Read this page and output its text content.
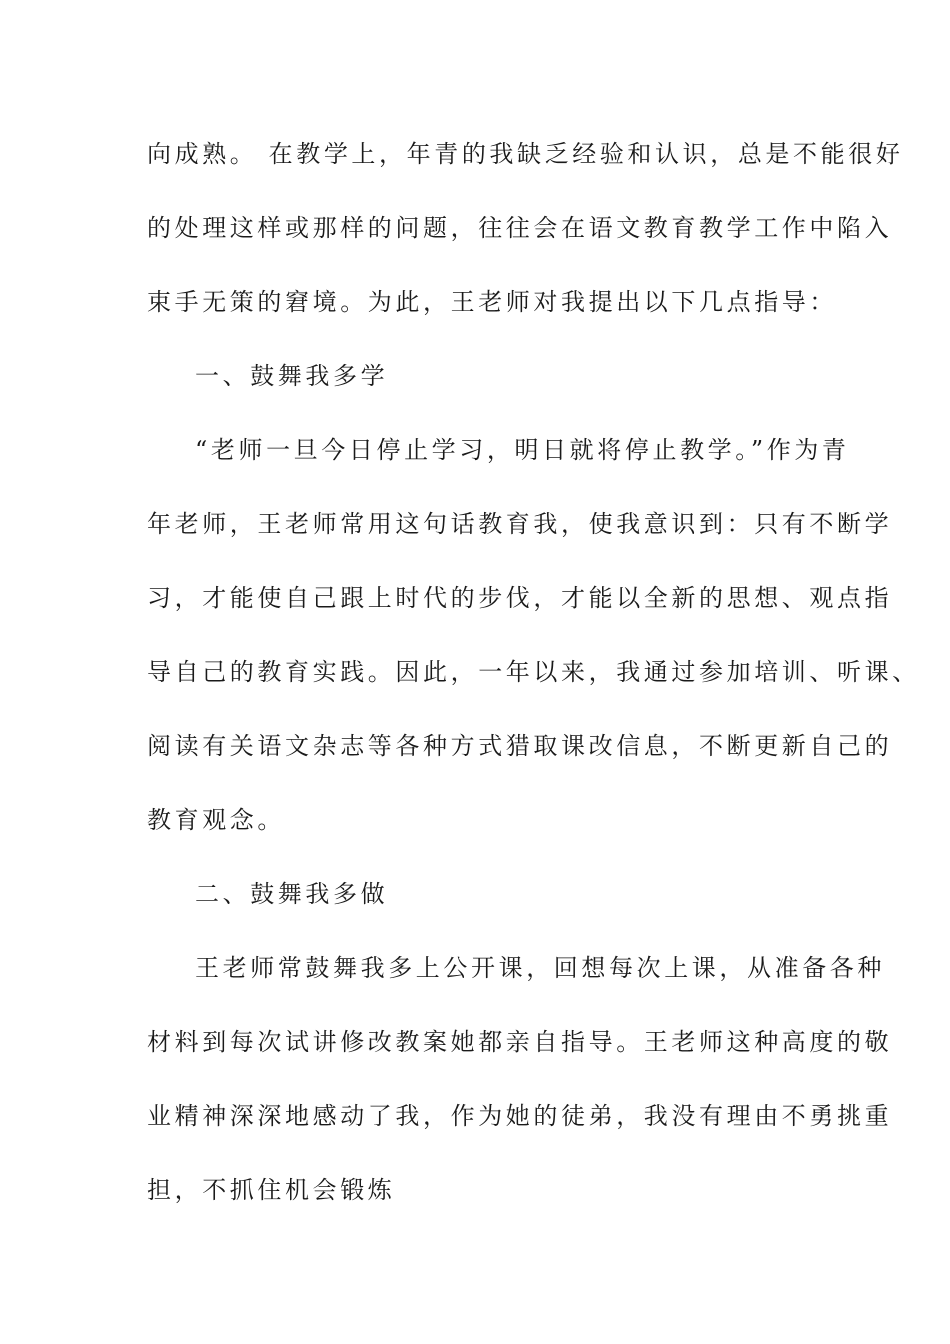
向成熟。 在教学上，年青的我缺乏经验和认识，总是不能很好
的处理这样或那样的问题，往往会在语文教育教学工作中陷入
束手无策的窘境。为此，王老师对我提出以下几点指导：
一、鼓舞我多学
“老师一旦今日停止学习，明日就将停止教学。”作为青
年老师，王老师常用这句话教育我，使我意识到：只有不断学
习，才能使自己跟上时代的步伐，才能以全新的思想、观点指
导自己的教育实践。因此，一年以来，我通过参加培训、听课、
阅读有关语文杂志等各种方式猎取课改信息，不断更新自己的
教育观念。
二、鼓舞我多做
王老师常鼓舞我多上公开课，回想每次上课，从准备各种
材料到每次试讲修改教案她都亲自指导。王老师这种高度的敬
业精神深深地感动了我，作为她的徒弟，我没有理由不勇挑重
担，不抓住机会锻炼
